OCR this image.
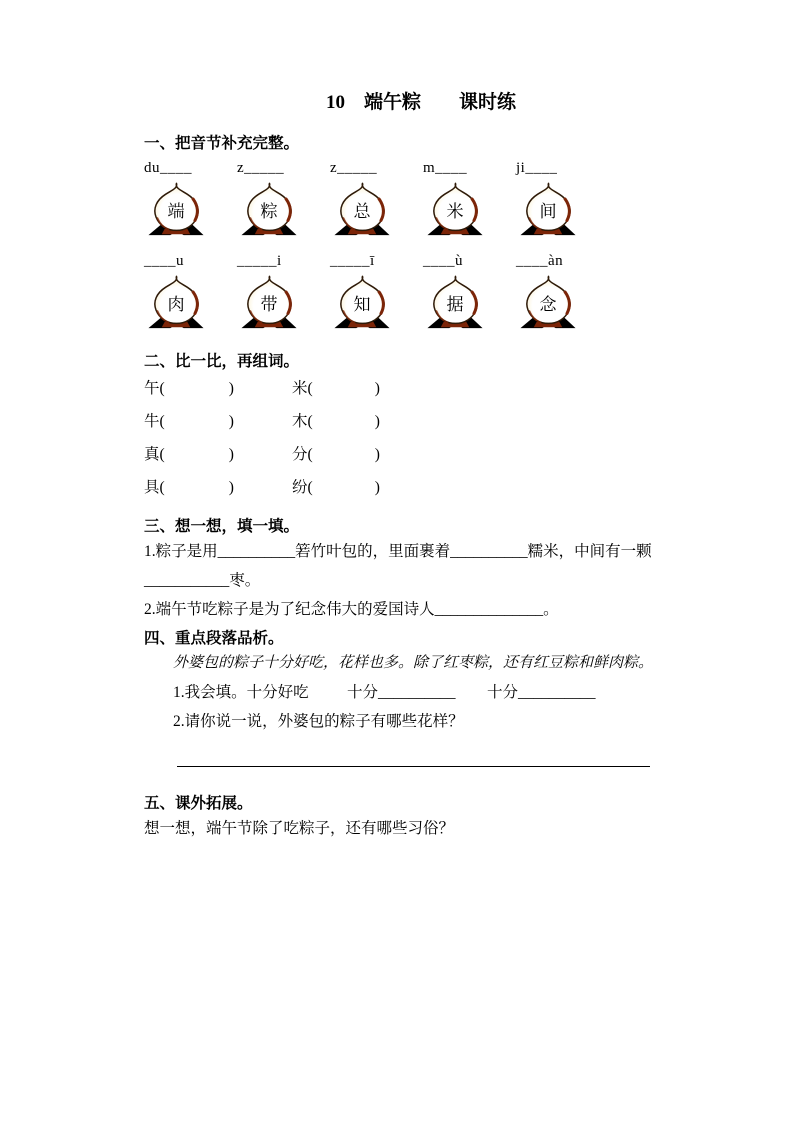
10　端午粽　　课时练
一、把音节补充完整。
du____
端
z_____
粽
z_____
总
m____
米
ji____
间
____u
肉
_____i
带
_____ī
知
____ù
据
____àn
念
二、比一比，再组词。
午 (	)	米 (	)
牛 (	)	木 (	)
真 (	)	分 (	)
具 (	)	纷 (	)
三、想一想，填一填。
1.粽子是用__________箬竹叶包的，里面裹着__________糯米，中间有一颗
___________枣。
2.端午节吃粽子是为了纪念伟大的爱国诗人______________。
四、重点段落品析。
外婆包的粽子十分好吃，花样也多。除了红枣粽，还有红豆粽和鲜肉粽。
1.我会填。十分好吃	十分__________	十分__________
2.请你说一说，外婆包的粽子有哪些花样？
五、课外拓展。
想一想，端午节除了吃粽子，还有哪些习俗？
